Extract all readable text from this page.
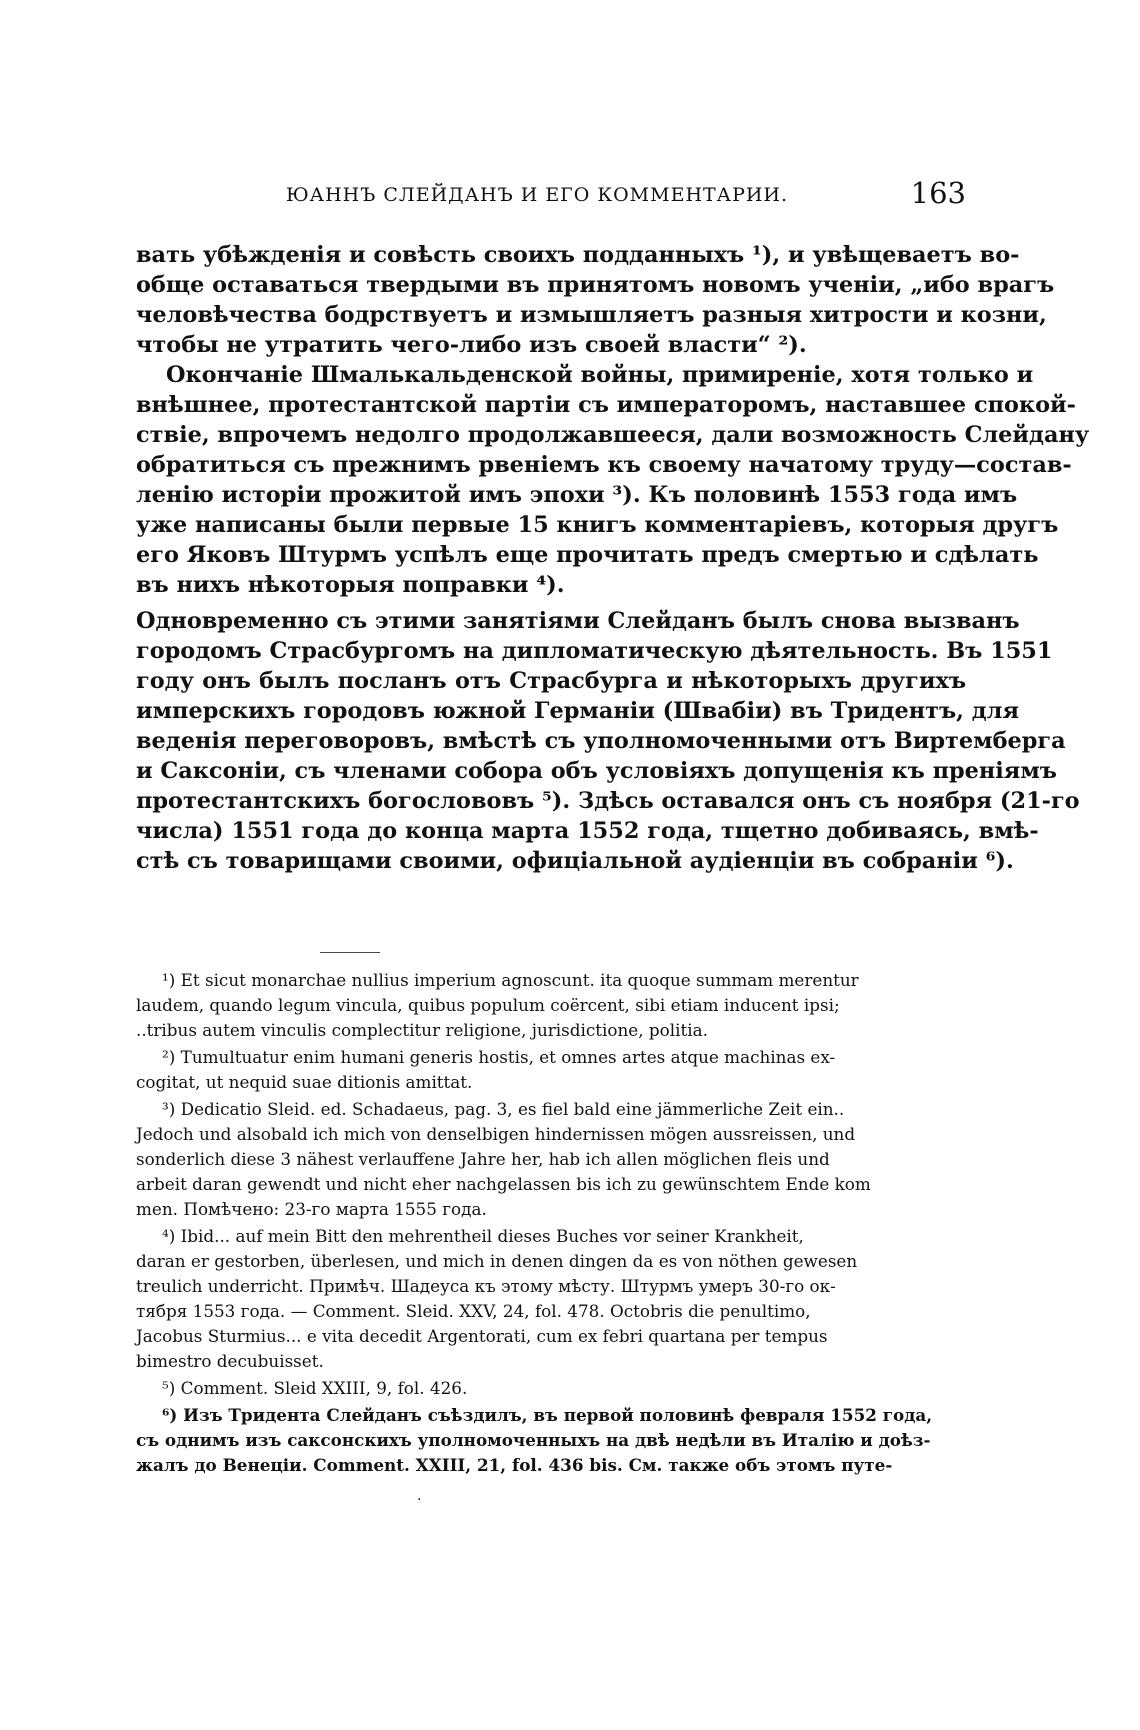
ЮАННЪ СЛЕЙДАНЪ И ЕГО КОММЕНТАРИИ.	163
вать убѣжденія и совѣсть своихъ подданныхъ ¹), и увѣщеваетъ во-
обще оставаться твердыми въ принятомъ новомъ ученіи, „ибо врагъ
человѣчества бодрствуетъ и измышляетъ разныя хитрости и козни,
чтобы не утратить чего-либо изъ своей власти“ ²).
Окончаніе Шмалькальденской войны, примиреніе, хотя только и
внѣшнее, протестантской партіи съ императоромъ, наставшее спокой-
ствіе, впрочемъ недолго продолжавшееся, дали возможность Слейдану
обратиться съ прежнимъ рвеніемъ къ своему начатому труду—состав-
ленію исторіи прожитой имъ эпохи ³). Къ половинѣ 1553 года имъ
уже написаны были первые 15 книгъ комментаріевъ, которыя другъ
его Яковъ Штурмъ успѣлъ еще прочитать предъ смертью и сдѣлать
въ нихъ нѣкоторыя поправки ⁴).
Одновременно съ этими занятіями Слейданъ былъ снова вызванъ
городомъ Страсбургомъ на дипломатическую дѣятельность. Въ 1551
году онъ былъ посланъ отъ Страсбурга и нѣкоторыхъ другихъ
имперскихъ городовъ южной Германіи (Швабіи) въ Тридентъ, для
веденія переговоровъ, вмѣстѣ съ уполномоченными отъ Виртемберга
и Саксоніи, съ членами собора объ условіяхъ допущенія къ преніямъ
протестантскихъ богослововъ ⁵). Здѣсь оставался онъ съ ноября (21-го
числа) 1551 года до конца марта 1552 года, тщетно добиваясь, вмѣ-
стѣ съ товарищами своими, офиціальной аудіенціи въ собраніи ⁶).
¹) Et sicut monarchae nullius imperium agnoscunt. ita quoque summam merentur
laudem, quando legum vincula, quibus populum coërcent, sibi etiam inducent ipsi;
..tribus autem vinculis complectitur religione, jurisdictione, politia.
²) Tumultuatur enim humani generis hostis, et omnes artes atque machinas ex-
cogitat, ut nequid suae ditionis amittat.
³) Dedicatio Sleid. ed. Schadaeus, pag. 3, es fiel bald eine jämmerliche Zeit ein..
Jedoch und alsobald ich mich von denselbigen hindernissen mögen aussreissen, und
sonderlich diese 3 nähest verlauffene Jahre her, hab ich allen möglichen fleis und
arbeit daran gewendt und nicht eher nachgelassen bis ich zu gewünschtem Ende kom
men. Помѣчено: 23-го марта 1555 года.
⁴) Ibid... auf mein Bitt den mehrentheil dieses Buches vor seiner Krankheit,
daran er gestorben, überlesen, und mich in denen dingen da es von nöthen gewesen
treulich underricht. Примѣч. Шадеуса къ этому мѣсту. Штурмъ умеръ 30-го ок-
тября 1553 года. — Comment. Sleid. XXV, 24, fol. 478. Octobris die penultimo,
Jacobus Sturmius... e vita decedit Argentorati, cum ex febri quartana per tempus
bimestro decubuisset.
⁵) Comment. Sleid XXIII, 9, fol. 426.
⁶) Изъ Тридента Слейданъ съѣздилъ, въ первой половинѣ февраля 1552 года,
съ однимъ изъ саксонскихъ уполномоченныхъ на двѣ недѣли въ Италію и доѣз-
жалъ до Венеціи. Comment. XXIII, 21, fol. 436 bis. См. также объ этомъ путе-
.
